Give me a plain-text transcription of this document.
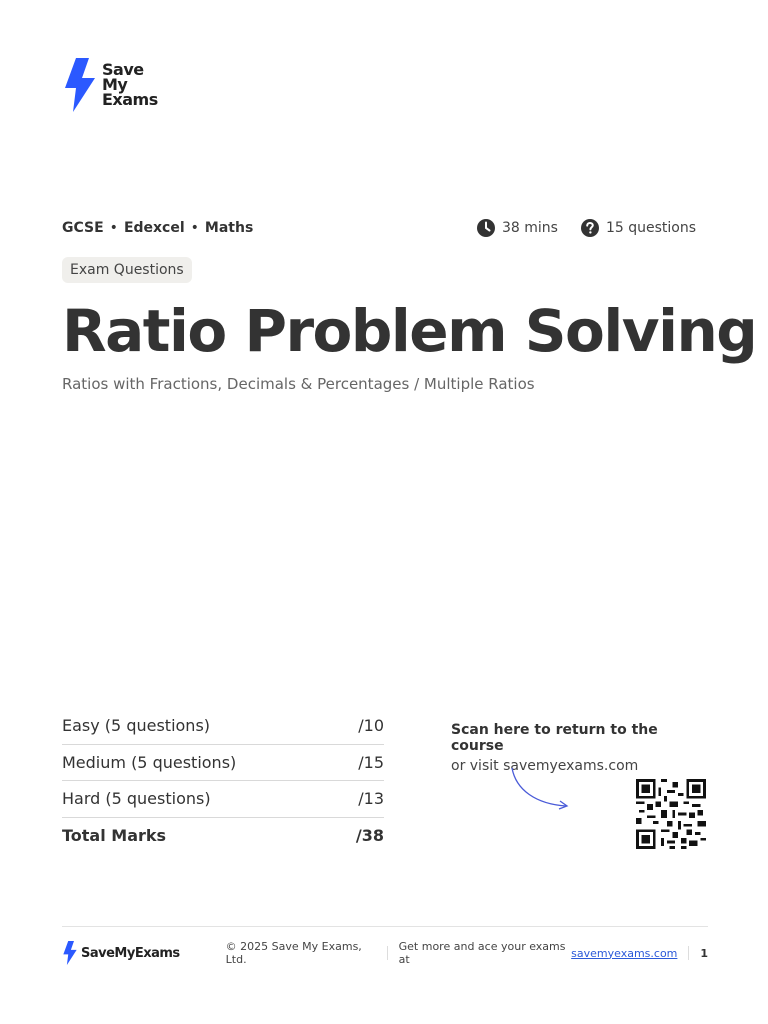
Save
My
Exams
GCSE • Edexcel • Maths	38 mins	15 questions
Exam Questions
Ratio Problem Solving
Ratios with Fractions, Decimals & Percentages / Multiple Ratios
Easy (5 questions)	/10
Medium (5 questions)	/15
Hard (5 questions)	/13
Total Marks	/38
Scan here to return to the course
or visit savemyexams.com
SaveMyExams	© 2025 Save My Exams, Ltd.
Get more and ace your exams at	savemyexams.com 1
